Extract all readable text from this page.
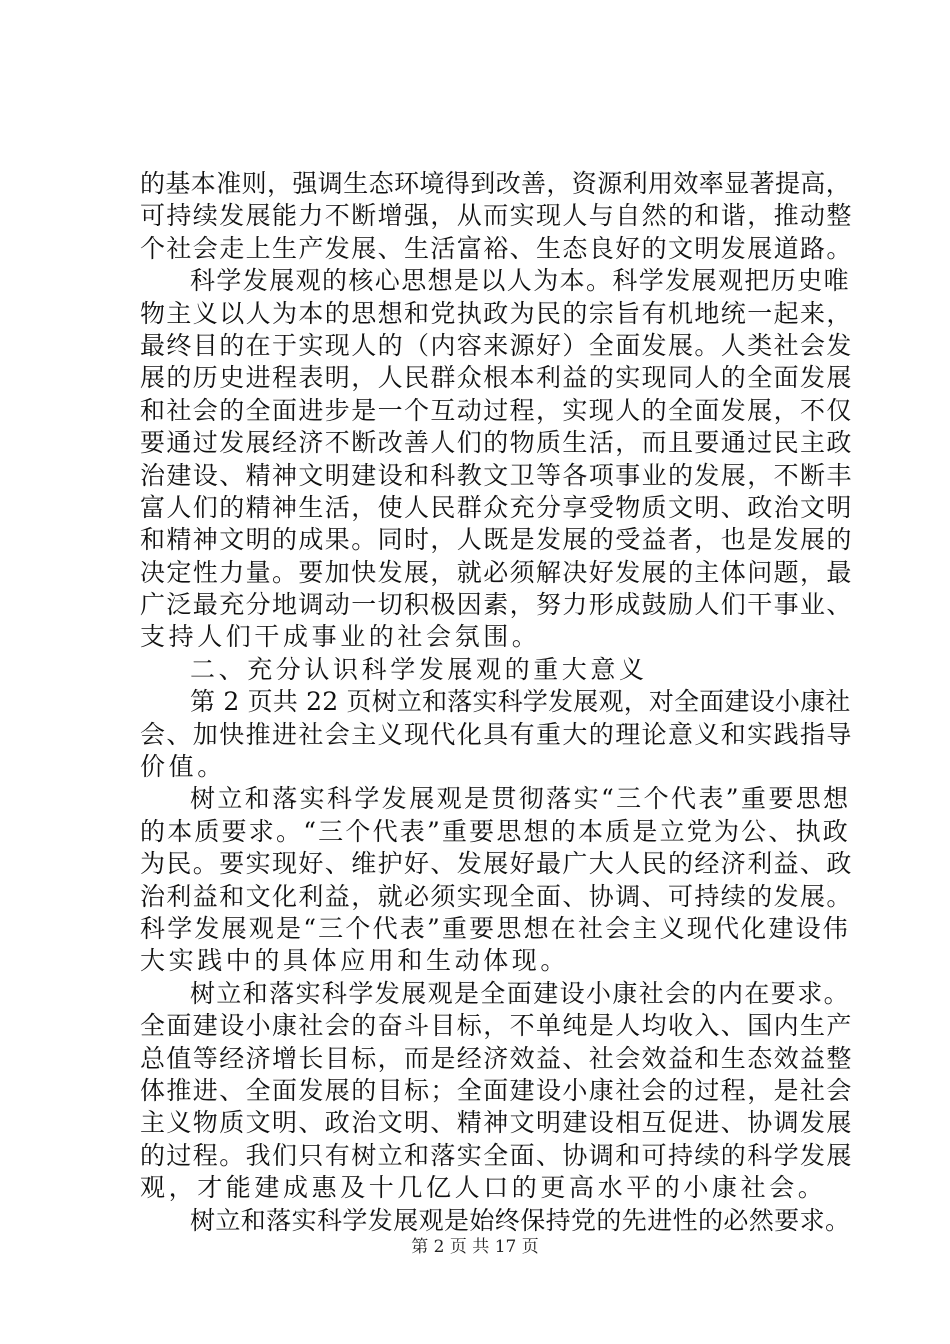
的基本准则，强调生态环境得到改善，资源利用效率显著提高，
可持续发展能力不断增强，从而实现人与自然的和谐，推动整
个社会走上生产发展、生活富裕、生态良好的文明发展道路。
科学发展观的核心思想是以人为本。科学发展观把历史唯
物主义以人为本的思想和党执政为民的宗旨有机地统一起来，
最终目的在于实现人的（内容来源好）全面发展。人类社会发
展的历史进程表明，人民群众根本利益的实现同人的全面发展
和社会的全面进步是一个互动过程，实现人的全面发展，不仅
要通过发展经济不断改善人们的物质生活，而且要通过民主政
治建设、精神文明建设和科教文卫等各项事业的发展，不断丰
富人们的精神生活，使人民群众充分享受物质文明、政治文明
和精神文明的成果。同时，人既是发展的受益者，也是发展的
决定性力量。要加快发展，就必须解决好发展的主体问题，最
广泛最充分地调动一切积极因素，努力形成鼓励人们干事业、
支持人们干成事业的社会氛围。
二、充分认识科学发展观的重大意义
第 2 页共 22 页树立和落实科学发展观，对全面建设小康社
会、加快推进社会主义现代化具有重大的理论意义和实践指导
价值。
树立和落实科学发展观是贯彻落实“三个代表”重要思想
的本质要求。“三个代表”重要思想的本质是立党为公、执政
为民。要实现好、维护好、发展好最广大人民的经济利益、政
治利益和文化利益，就必须实现全面、协调、可持续的发展。
科学发展观是“三个代表”重要思想在社会主义现代化建设伟
大实践中的具体应用和生动体现。
树立和落实科学发展观是全面建设小康社会的内在要求。
全面建设小康社会的奋斗目标，不单纯是人均收入、国内生产
总值等经济增长目标，而是经济效益、社会效益和生态效益整
体推进、全面发展的目标；全面建设小康社会的过程，是社会
主义物质文明、政治文明、精神文明建设相互促进、协调发展
的过程。我们只有树立和落实全面、协调和可持续的科学发展
观，才能建成惠及十几亿人口的更高水平的小康社会。
树立和落实科学发展观是始终保持党的先进性的必然要求。
第 2 页 共 17 页
